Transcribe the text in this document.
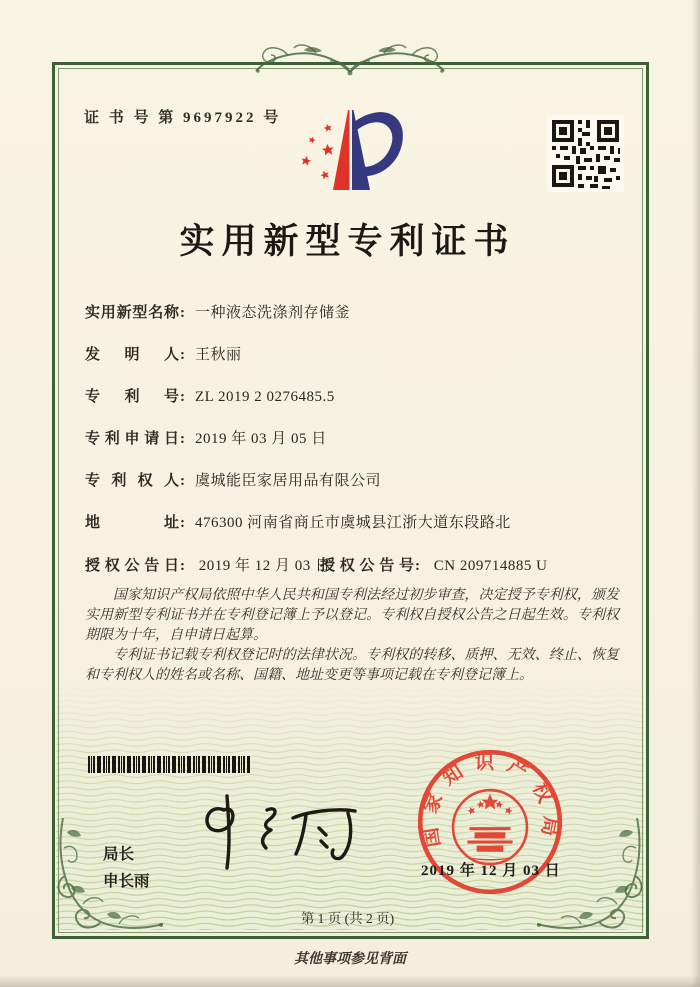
证 书 号 第 9697922 号
实用新型专利证书
实用新型名称 : 一种液态洗涤剂存储釜
发明人 : 王秋丽
专利号 : ZL 2019 2 0276485.5
专利申请日 : 2019 年 03 月 05 日
专利权人 : 虞城能臣家居用品有限公司
地址 : 476300 河南省商丘市虞城县江浙大道东段路北
授权公告日: 2019 年 12 月 03 日
授权公告号: CN 209714885 U

国家知识产权局依照中华人民共和国专利法经过初步审查，决定授予专利权，颁发实用新型专利证书并在专利登记簿上予以登记。专利权自授权公告之日起生效。专利权期限为十年，自申请日起算。

专利证书记载专利权登记时的法律状况。专利权的转移、质押、无效、终止、恢复和专利权人的姓名或名称、国籍、地址变更等事项记载在专利登记簿上。

局长
申长雨
国家知识产权局
2019 年 12 月 03 日
第 1 页 (共 2 页)
其他事项参见背面
